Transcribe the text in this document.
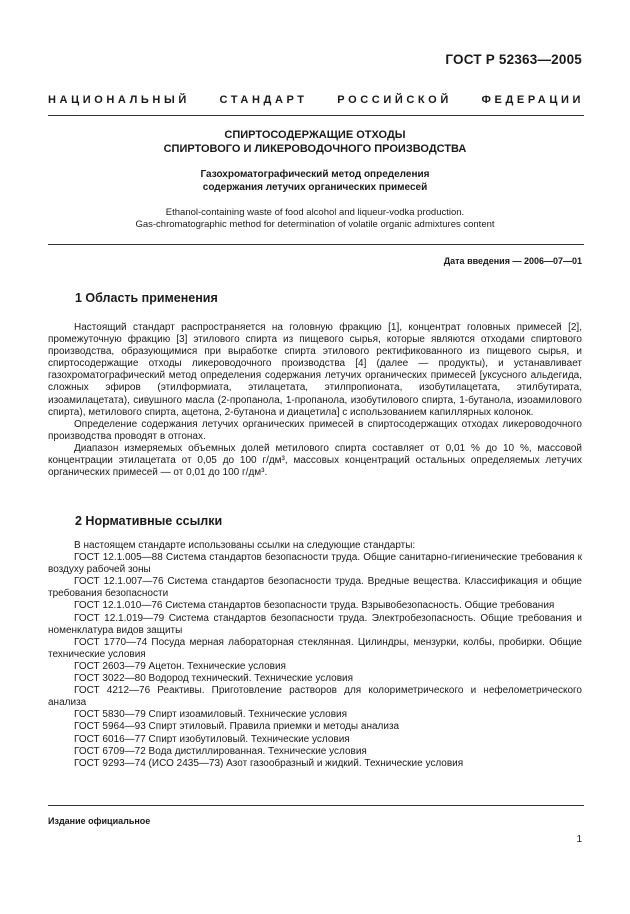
ГОСТ Р 52363—2005
НАЦИОНАЛЬНЫЙ СТАНДАРТ РОССИЙСКОЙ ФЕДЕРАЦИИ
СПИРТОСОДЕРЖАЩИЕ ОТХОДЫ
СПИРТОВОГО И ЛИКЕРОВОДОЧНОГО ПРОИЗВОДСТВА
Газохроматографический метод определения
содержания летучих органических примесей
Ethanol-containing waste of food alcohol and liqueur-vodka production.
Gas-chromatographic method for determination of volatile organic admixtures content
Дата введения — 2006—07—01
1 Область применения

Настоящий стандарт распространяется на головную фракцию [1], концентрат головных примесей [2], промежуточную фракцию [3] этилового спирта из пищевого сырья, которые являются отходами спиртового производства, образующимися при выработке спирта этилового ректификованного из пищевого сырья, и спиртосодержащие отходы ликероводочного производства [4] (далее — продукты), и устанавливает газохроматографический метод определения содержания летучих органических примесей [уксусного альдегида, сложных эфиров (этилформиата, этилацетата, этилпропионата, изобутилацетата, этилбутирата, изоамилацетата), сивушного масла (2-пропанола, 1-пропанола, изобутилового спирта, 1-бутанола, изоамилового спирта), метилового спирта, ацетона, 2-бутанона и диацетила] с использованием капиллярных колонок.

Определение содержания летучих органических примесей в спиртосодержащих отходах ликероводочного производства проводят в отгонах.

Диапазон измеряемых объемных долей метилового спирта составляет от 0,01 % до 10 %, массовой концентрации этилацетата от 0,05 до 100 г/дм³, массовых концентраций остальных определяемых летучих органических примесей — от 0,01 до 100 г/дм³.

2 Нормативные ссылки

В настоящем стандарте использованы ссылки на следующие стандарты:

ГОСТ 12.1.005—88 Система стандартов безопасности труда. Общие санитарно-гигиенические требования к воздуху рабочей зоны

ГОСТ 12.1.007—76 Система стандартов безопасности труда. Вредные вещества. Классификация и общие требования безопасности

ГОСТ 12.1.010—76 Система стандартов безопасности труда. Взрывобезопасность. Общие требования

ГОСТ 12.1.019—79 Система стандартов безопасности труда. Электробезопасность. Общие требования и номенклатура видов защиты

ГОСТ 1770—74 Посуда мерная лабораторная стеклянная. Цилиндры, мензурки, колбы, пробирки. Общие технические условия

ГОСТ 2603—79 Ацетон. Технические условия

ГОСТ 3022—80 Водород технический. Технические условия

ГОСТ 4212—76 Реактивы. Приготовление растворов для колориметрического и нефелометрического анализа

ГОСТ 5830—79 Спирт изоамиловый. Технические условия

ГОСТ 5964—93 Спирт этиловый. Правила приемки и методы анализа

ГОСТ 6016—77 Спирт изобутиловый. Технические условия

ГОСТ 6709—72 Вода дистиллированная. Технические условия

ГОСТ 9293—74 (ИСО 2435—73) Азот газообразный и жидкий. Технические условия

Издание официальное
1
